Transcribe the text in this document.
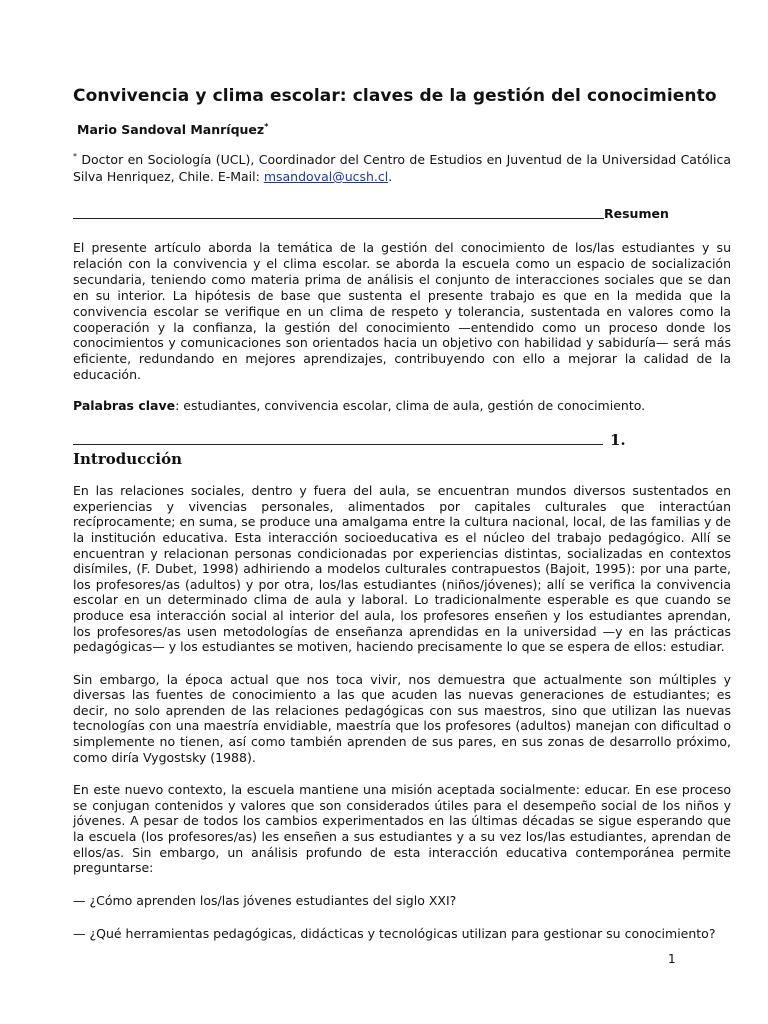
Convivencia y clima escolar: claves de la gestión del conocimiento
Mario Sandoval Manríquez*
* Doctor en Sociología (UCL), Coordinador del Centro de Estudios en Juventud de la Universidad Católica Silva Henriquez, Chile. E-Mail: msandoval@ucsh.cl.
Resumen
El presente artículo aborda la temática de la gestión del conocimiento de los/las estudiantes y su relación con la convivencia y el clima escolar. se aborda la escuela como un espacio de socialización secundaria, teniendo como materia prima de análisis el conjunto de interacciones sociales que se dan en su interior. La hipótesis de base que sustenta el presente trabajo es que en la medida que la convivencia escolar se verifique en un clima de respeto y tolerancia, sustentada en valores como la cooperación y la confianza, la gestión del conocimiento —entendido como un proceso donde los conocimientos y comunicaciones son orientados hacia un objetivo con habilidad y sabiduría— será más eficiente, redundando en mejores aprendizajes, contribuyendo con ello a mejorar la calidad de la educación.
Palabras clave: estudiantes, convivencia escolar, clima de aula, gestión de conocimiento.
1.
Introducción
En las relaciones sociales, dentro y fuera del aula, se encuentran mundos diversos sustentados en experiencias y vivencias personales, alimentados por capitales culturales que interactúan recíprocamente; en suma, se produce una amalgama entre la cultura nacional, local, de las familias y de la institución educativa. Esta interacción socioeducativa es el núcleo del trabajo pedagógico. Allí se encuentran y relacionan personas condicionadas por experiencias distintas, socializadas en contextos disímiles, (F. Dubet, 1998) adhiriendo a modelos culturales contrapuestos (Bajoit, 1995): por una parte, los profesores/as (adultos) y por otra, los/las estudiantes (niños/jóvenes); allí se verifica la convivencia escolar en un determinado clima de aula y laboral. Lo tradicionalmente esperable es que cuando se produce esa interacción social al interior del aula, los profesores enseñen y los estudiantes aprendan, los profesores/as usen metodologías de enseñanza aprendidas en la universidad —y en las prácticas pedagógicas— y los estudiantes se motiven, haciendo precisamente lo que se espera de ellos: estudiar.
Sin embargo, la época actual que nos toca vivir, nos demuestra que actualmente son múltiples y diversas las fuentes de conocimiento a las que acuden las nuevas generaciones de estudiantes; es decir, no solo aprenden de las relaciones pedagógicas con sus maestros, sino que utilizan las nuevas tecnologías con una maestría envidiable, maestría que los profesores (adultos) manejan con dificultad o simplemente no tienen, así como también aprenden de sus pares, en sus zonas de desarrollo próximo, como diría Vygostsky (1988).
En este nuevo contexto, la escuela mantiene una misión aceptada socialmente: educar. En ese proceso se conjugan contenidos y valores que son considerados útiles para el desempeño social de los niños y jóvenes. A pesar de todos los cambios experimentados en las últimas décadas se sigue esperando que la escuela (los profesores/as) les enseñen a sus estudiantes y a su vez los/las estudiantes, aprendan de ellos/as. Sin embargo, un análisis profundo de esta interacción educativa contemporánea permite preguntarse:
— ¿Cómo aprenden los/las jóvenes estudiantes del siglo XXI?
— ¿Qué herramientas pedagógicas, didácticas y tecnológicas utilizan para gestionar su conocimiento?
1
